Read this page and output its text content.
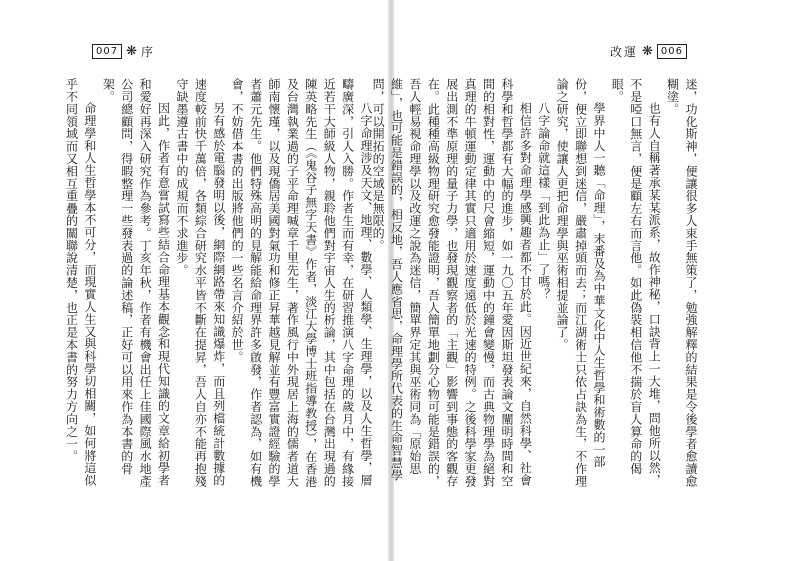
007 ❋ 序	改運 ❋ 006

八字命理涉及天文、地理、數學、人類學、生理學，以及人生哲學，層疇廣深，引人入勝。作者生而有幸，在研習推演八字命理的歲月中，有緣接近若干大師級人物，親聆他們對宇宙人生的析論，其中包括在台灣出現過的陳英略先生（《鬼谷子無字天書》作者，淡江大學博士班指導教授），在香港及台灣執業過的子平命理喊章千里先生，著作風行中外現居上海的儒者道大師南懷瑾，以及現僑居美國對氣功和修正昇華越見解並有豐富實證經驗的學者蕭元先生。他們特殊高明的見解能給命理界許多啟發，作者認為，如有機會，不妨借本書的出版將他們的一些名言介紹於世。

另有感於電腦發明以後，網際網路帶來知識爆炸，而且列檔統計數據的速度較前快千萬倍，各類綜合研究水平皆不斷在提昇，吾人自亦不能再抱殘守缺墨遵古書中的成規而不求進步。

因此，作者有意嘗試寫些結合命理基本觀念和現代知識的文章給初學者和愛好再深入研究作為參考。丁亥年秋，作者有機會出任上佳國際風水地產公司總顧問，得暇整理一些發表過的論述稿，正好可以用來作為本書的骨架。

命理學和人生哲學本不可分，而現實人生又與科學切相關，如何將這似乎不同領域而又相互重疊的關聯說清楚，也正是本書的努力方向之一。	迷，功化斯神，便讓很多人束手無策了，勉強解釋的結果是令後學者愈讀愈糊塗。

也有人自稱著承某某派系，故作神秘，口訣背上一大堆，問他所以然，不是啞口無言，便是顧左右而言他。如此偽裝相信他不揣於盲人算命的偈眼。

學界中人一聽「命理」，末番及為中華文化中人生哲學和術數的一部份，便立即聯想到迷信，嚴肅掉頭而去；而江湖術士只依占訣為生，不作理論之研究，使讓人更把命理學與巫術相提並論了。

八字論命就這樣「到此為止」了嗎？

相信許多對命理學感興趣者都不甘於此。因近世紀來，自然科學、社會科學和哲學都有大幅的進步，如一九〇五年愛因斯坦發表論文闡明時間和空間的相對性，運動中的尺會縮短，運動中的鐘會變慢，而古典物理學為絕對真理的牛頓運動定律其實只適用於速度遠低於光速的特例。之後科學家更發展出測不準原理的量子力學，也發現觀察者的「主觀」影響到事態的客觀存在。此種種高級物理研究愈發能證明，吾人簡單地劃分心物可能是錯誤的，吾人輕易視命理學以及改運之說為迷信，簡單界定其與巫術同為「原始思維」，也可能是錯誤的，相反地，吾人應省思，命理學所代表的生命智慧學問，可以開拓的空域是無限的。
